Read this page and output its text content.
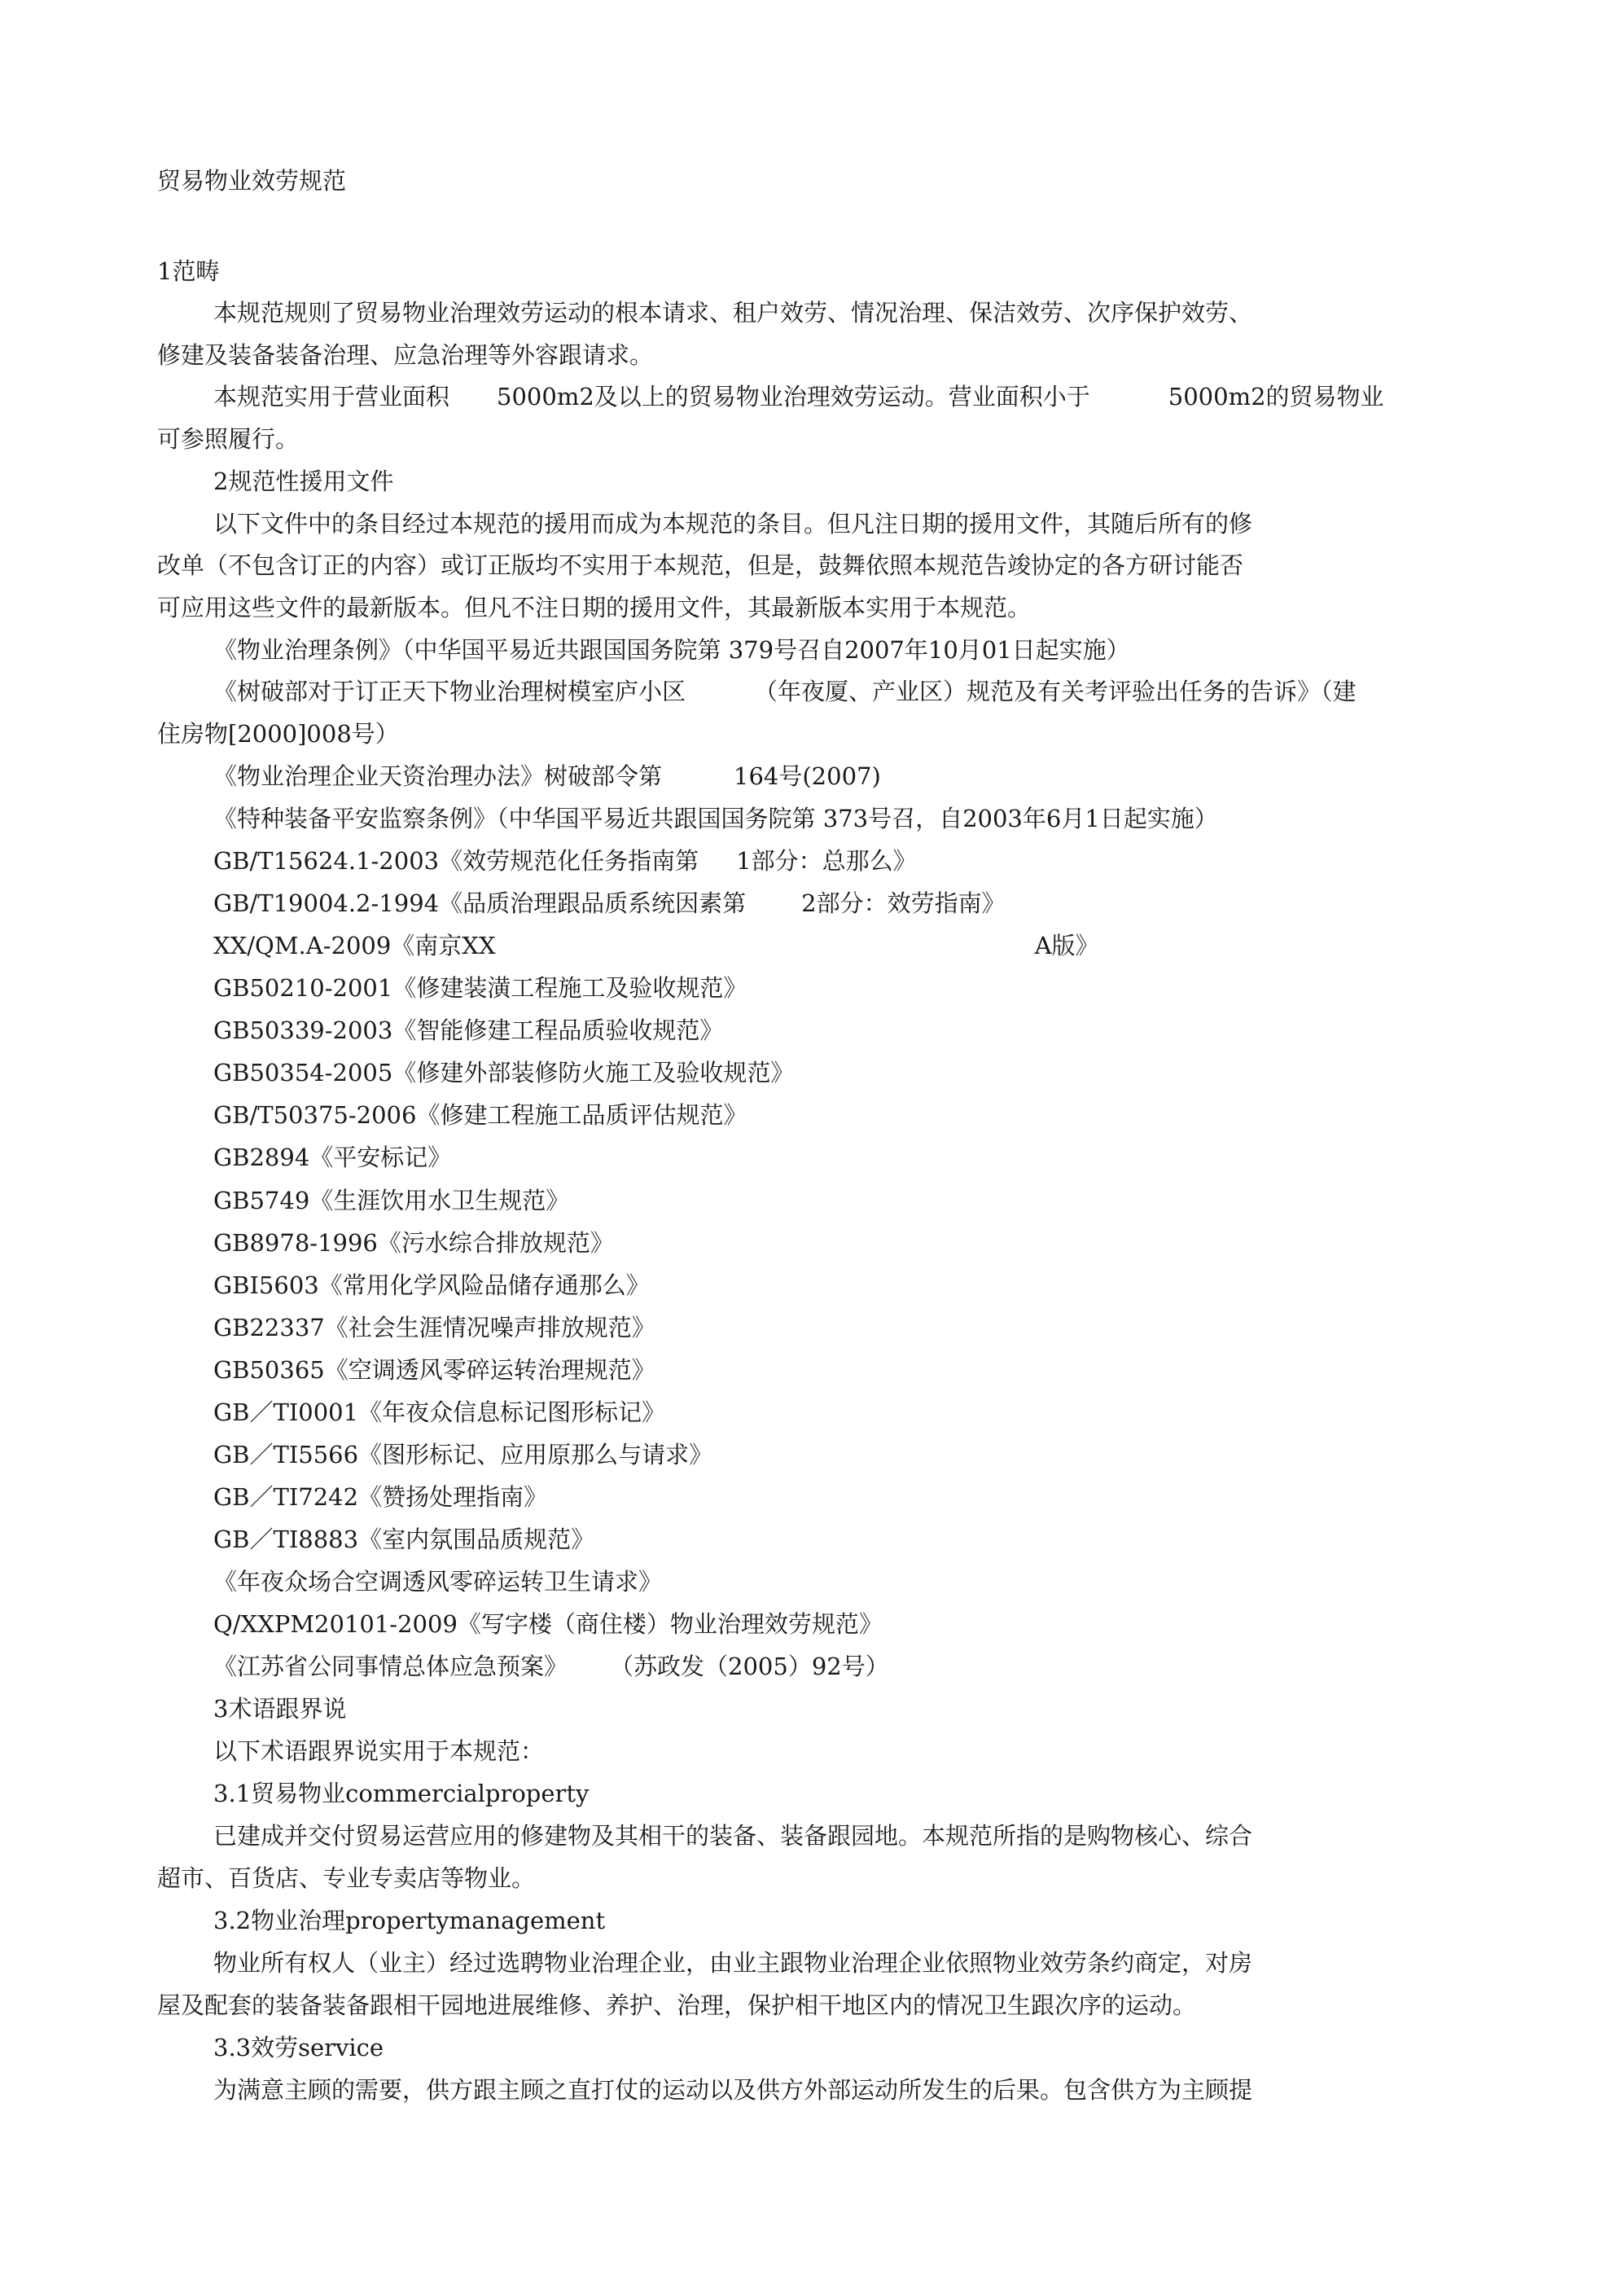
贸易物业效劳规范
1范畴
本规范规则了贸易物业治理效劳运动的根本请求、租户效劳、情况治理、保洁效劳、次序保护效劳、
修建及装备装备治理、应急治理等外容跟请求。
本规范实用于营业面积 5000m2及以上的贸易物业治理效劳运动。营业面积小于	5000m2的贸易物业
可参照履行。
2规范性援用文件
以下文件中的条目经过本规范的援用而成为本规范的条目。但凡注日期的援用文件，其随后所有的修
改单（不包含订正的内容）或订正版均不实用于本规范，但是，鼓舞依照本规范告竣协定的各方研讨能否
可应用这些文件的最新版本。但凡不注日期的援用文件，其最新版本实用于本规范。
《物业治理条例》（中华国平易近共跟国国务院第 379号召自2007年10月01日起实施）
《树破部对于订正天下物业治理树模室庐小区	（年夜厦、产业区）规范及有关考评验出任务的告诉》（建
住房物[2000]008号）
《物业治理企业天资治理办法》树破部令第	164号(2007)
《特种装备平安监察条例》（中华国平易近共跟国国务院第 373号召，自2003年6月1日起实施）
GB/T15624.1-2003《效劳规范化任务指南第 1部分：总那么》
GB/T19004.2-1994《品质治理跟品质系统因素第 2部分：效劳指南》
XX/QM.A-2009《南京XX	A版》
GB50210-2001《修建装潢工程施工及验收规范》
GB50339-2003《智能修建工程品质验收规范》
GB50354-2005《修建外部装修防火施工及验收规范》
GB/T50375-2006《修建工程施工品质评估规范》
GB2894《平安标记》
GB5749《生涯饮用水卫生规范》
GB8978-1996《污水综合排放规范》
GBI5603《常用化学风险品储存通那么》
GB22337《社会生涯情况噪声排放规范》
GB50365《空调透风零碎运转治理规范》
GB／TI0001《年夜众信息标记图形标记》
GB／TI5566《图形标记、应用原那么与请求》
GB／TI7242《赞扬处理指南》
GB／TI8883《室内氛围品质规范》
《年夜众场合空调透风零碎运转卫生请求》
Q/XXPM20101-2009《写字楼（商住楼）物业治理效劳规范》
《江苏省公同事情总体应急预案》 （苏政发（2005）92号）
3术语跟界说
以下术语跟界说实用于本规范：
3.1贸易物业commercialproperty
已建成并交付贸易运营应用的修建物及其相干的装备、装备跟园地。本规范所指的是购物核心、综合
超市、百货店、专业专卖店等物业。
3.2物业治理propertymanagement
物业所有权人（业主）经过选聘物业治理企业，由业主跟物业治理企业依照物业效劳条约商定，对房
屋及配套的装备装备跟相干园地进展维修、养护、治理，保护相干地区内的情况卫生跟次序的运动。
3.3效劳service
为满意主顾的需要，供方跟主顾之直打仗的运动以及供方外部运动所发生的后果。包含供方为主顾提
